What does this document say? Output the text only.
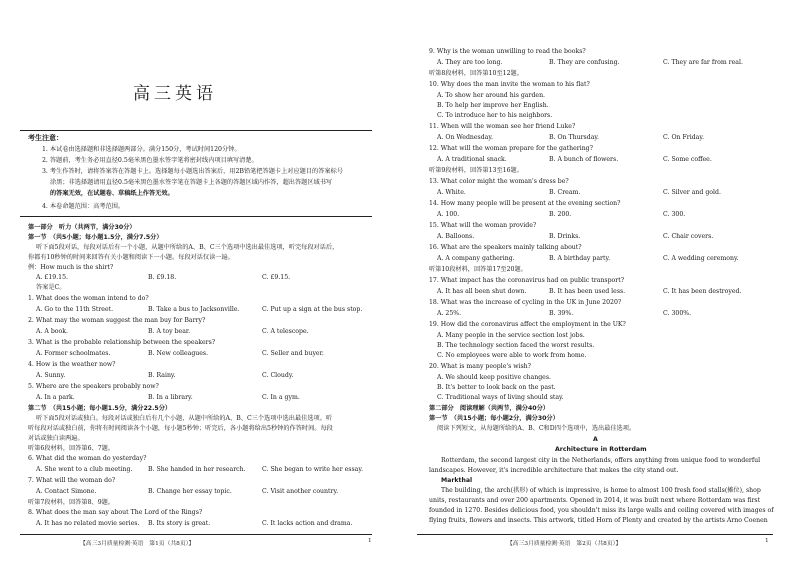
高三英语
考生注意：
1. 本试卷由选择题和非选择题两部分。满分150分，考试时间120分钟。
2. 答题前，考生务必用直径0.5毫米黑色墨水签字笔将密封线内项目填写清楚。
3. 考生作答时，请将答案答在答题卡上。选择题每小题选出答案后，用2B铅笔把答题卡上对应题目的答案标号
涂黑；非选择题请用直径0.5毫米黑色墨水签字笔在答题卡上各题的答题区域内作答，超出答题区域书写
的答案无效，在试题卷、草稿纸上作答无效。
4. 本卷命题范围：高考范围。
第一部分　听力（共两节，满分30分）
第一节　（共5小题；每小题1.5分，满分7.5分）
听下面5段对话，每段对话后有一个小题，从题中所给的A、B、C三个选项中选出最佳选项，听完每段对话后，
你都有10秒钟的时间来回答有关小题和阅读下一小题。每段对话仅读一遍。
例：How much is the shirt?
A. £19.15.	B. £9.18.	C. £9.15.
答案是C。
1. What does the woman intend to do?
A. Go to the 11th Street.	B. Take a bus to Jacksonville.	C. Put up a sign at the bus stop.
2. What may the woman suggest the man buy for Barry?
A. A book.	B. A toy bear.	C. A telescope.
3. What is the probable relationship between the speakers?
A. Former schoolmates.	B. New colleagues.	C. Seller and buyer.
4. How is the weather now?
A. Sunny.	B. Rainy.	C. Cloudy.
5. Where are the speakers probably now?
A. In a park.	B. In a library.	C. In a gym.
第二节　（共15小题；每小题1.5分，满分22.5分）
听下面5段对话或独白。每段对话或独白后有几个小题，从题中所给的A、B、C三个选项中选出最佳选项。听
听每段对话或独白前，你将有时间阅读各个小题，每小题5秒钟；听完后，各小题将给出5秒钟的作答时间。每段
对话或独白读两遍。
听第6段材料，回答第6、7题。
6. What did the woman do yesterday?
A. She went to a club meeting.	B. She handed in her research.	C. She began to write her essay.
7. What will the woman do?
A. Contact Simone.	B. Change her essay topic.	C. Visit another country.
听第7段材料，回答第8、9题。
8. What does the man say about The Lord of the Rings?
A. It has no related movie series. B. Its story is great.	C. It lacks action and drama.
【高三3月质量检测·英语　第1页（共8页）】	1
9. Why is the woman unwilling to read the books?
A. They are too long.	B. They are confusing.	C. They are far from real.
听第8段材料，回答第10至12题。
10. Why does the man invite the woman to his flat?
A. To show her around his garden.
B. To help her improve her English.
C. To introduce her to his neighbors.
11. When will the woman see her friend Luke?
A. On Wednesday.	B. On Thursday.	C. On Friday.
12. What will the woman prepare for the gathering?
A. A traditional snack.	B. A bunch of flowers.	C. Some coffee.
听第9段材料，回答第13至16题。
13. What color might the woman's dress be?
A. White.	B. Cream.	C. Silver and gold.
14. How many people will be present at the evening section?
A. 100.	B. 200.	C. 300.
15. What will the woman provide?
A. Balloons.	B. Drinks.	C. Chair covers.
16. What are the speakers mainly talking about?
A. A company gathering.	B. A birthday party.	C. A wedding ceremony.
听第10段材料，回答第17至20题。
17. What impact has the coronavirus had on public transport?
A. It has all been shut down.	B. It has been used less.	C. It has been destroyed.
18. What was the increase of cycling in the UK in June 2020?
A. 25%.	B. 39%.	C. 300%.
19. How did the coronavirus affect the employment in the UK?
A. Many people in the service section lost jobs.
B. The technology section faced the worst results.
C. No employees were able to work from home.
20. What is many people's wish?
A. We should keep positive changes.
B. It's better to look back on the past.
C. Traditional ways of living should stay.
第二部分　阅读理解（共两节，满分40分）
第一节　（共15小题；每小题2分，满分30分）
阅读下列短文，从每题所给的A、B、C和D四个选项中，选出最佳选项。
A
Architecture in Rotterdam
Rotterdam, the second largest city in the Netherlands, offers anything from unique food to wonderful
landscapes. However, it's incredible architecture that makes the city stand out.
Markthal
The building, the arch(拱形) of which is impressive, is home to almost 100 fresh food stalls(摊位), shop
units, restaurants and over 200 apartments. Opened in 2014, it was built next where Rotterdam was first
founded in 1270. Besides delicious food, you shouldn't miss its large walls and ceiling covered with images of
flying fruits, flowers and insects. This artwork, titled Horn of Plenty and created by the artists Arno Coenen
【高三3月质量检测·英语　第2页（共8页）】	1
